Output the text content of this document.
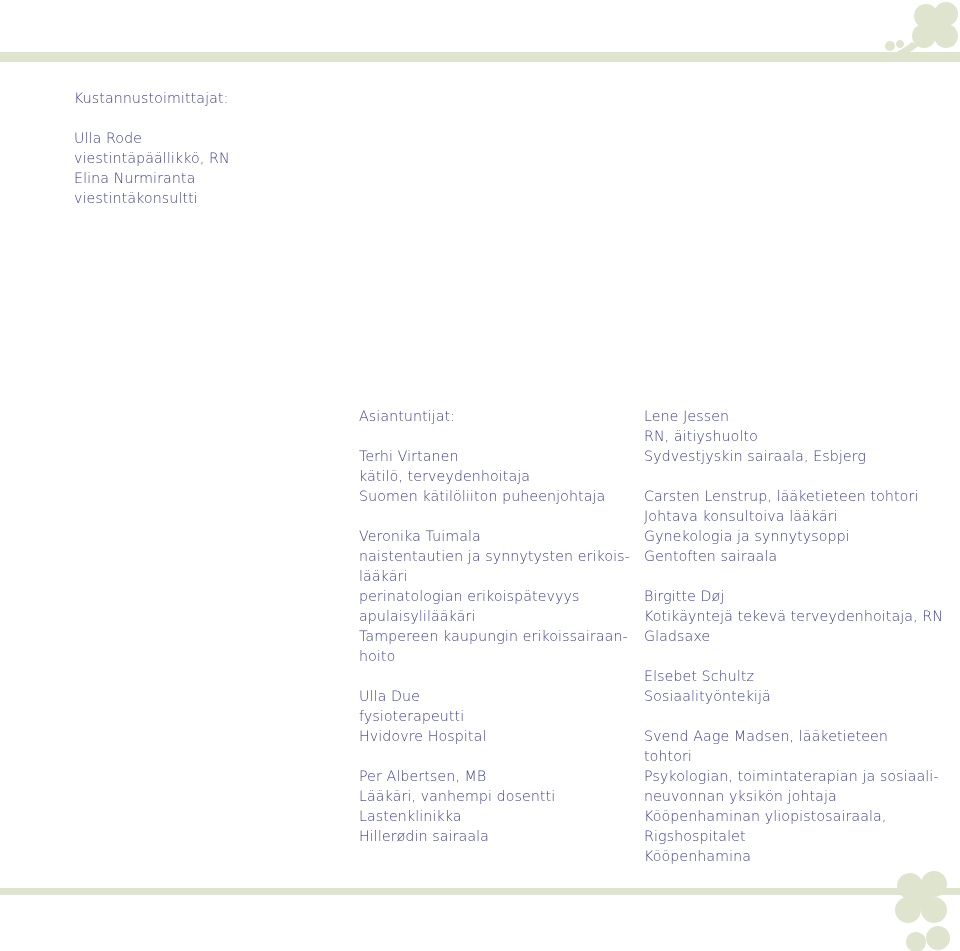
Kustannustoimittajat:

Ulla Rode

viestintäpäällikkö, RN

Elina Nurmiranta

viestintäkonsultti

Asiantuntijat:

Terhi Virtanen

kätilö, terveydenhoitaja

Suomen kätilöliiton puheenjohtaja

Veronika Tuimala

naistentautien ja synnytysten erikois-

lääkäri

perinatologian erikoispätevyys

apulaisylilääkäri

Tampereen kaupungin erikoissairaan-

hoito

Ulla Due

fysioterapeutti

Hvidovre Hospital

Per Albertsen, MB

Lääkäri, vanhempi dosentti

Lastenklinikka

Hillerødin sairaala

Lene Jessen

RN, äitiyshuolto

Sydvestjyskin sairaala, Esbjerg

Carsten Lenstrup, lääketieteen tohtori

Johtava konsultoiva lääkäri

Gynekologia ja synnytysoppi

Gentoften sairaala

Birgitte Døj

Kotikäyntejä tekevä terveydenhoitaja, RN

Gladsaxe

Elsebet Schultz

Sosiaalityöntekijä

Svend Aage Madsen, lääketieteen

tohtori

Psykologian, toimintaterapian ja sosiaali-

neuvonnan yksikön johtaja

Kööpenhaminan yliopistosairaala,

Rigshospitalet

Kööpenhamina
